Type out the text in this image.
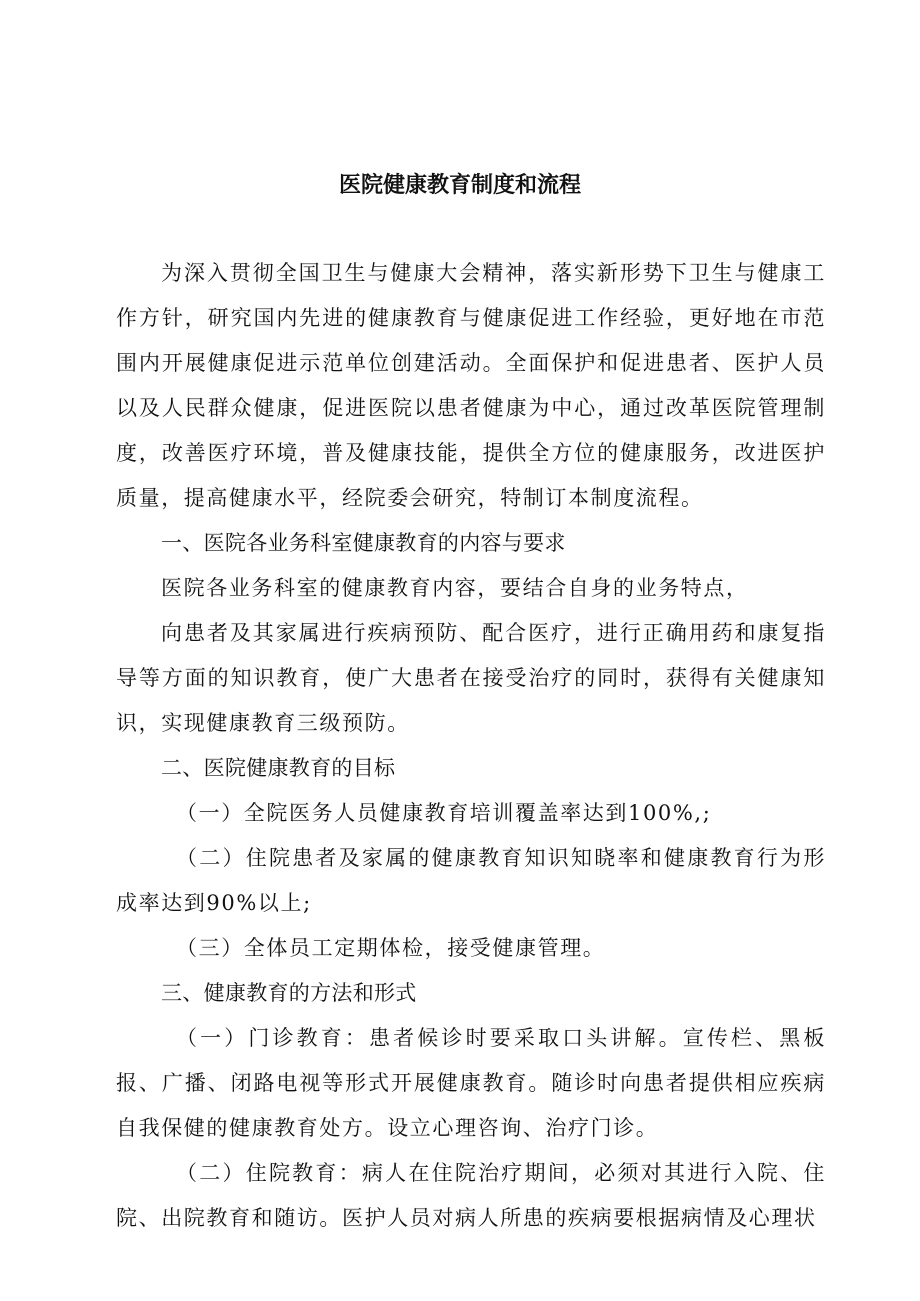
医院健康教育制度和流程

为深入贯彻全国卫生与健康大会精神，落实新形势下卫生与健康工作方针，研究国内先进的健康教育与健康促进工作经验，更好地在市范围内开展健康促进示范单位创建活动。全面保护和促进患者、医护人员以及人民群众健康，促进医院以患者健康为中心，通过改革医院管理制度，改善医疗环境，普及健康技能，提供全方位的健康服务，改进医护质量，提高健康水平，经院委会研究，特制订本制度流程。

一、医院各业务科室健康教育的内容与要求

医院各业务科室的健康教育内容，要结合自身的业务特点，

向患者及其家属进行疾病预防、配合医疗，进行正确用药和康复指导等方面的知识教育，使广大患者在接受治疗的同时，获得有关健康知识，实现健康教育三级预防。

二、医院健康教育的目标

（一）全院医务人员健康教育培训覆盖率达到100%,;

（二）住院患者及家属的健康教育知识知晓率和健康教育行为形成率达到90%以上;

（三）全体员工定期体检，接受健康管理。

三、健康教育的方法和形式

（一）门诊教育：患者候诊时要采取口头讲解。宣传栏、黑板报、广播、闭路电视等形式开展健康教育。随诊时向患者提供相应疾病自我保健的健康教育处方。设立心理咨询、治疗门诊。

（二）住院教育：病人在住院治疗期间，必须对其进行入院、住院、出院教育和随访。医护人员对病人所患的疾病要根据病情及心理状
